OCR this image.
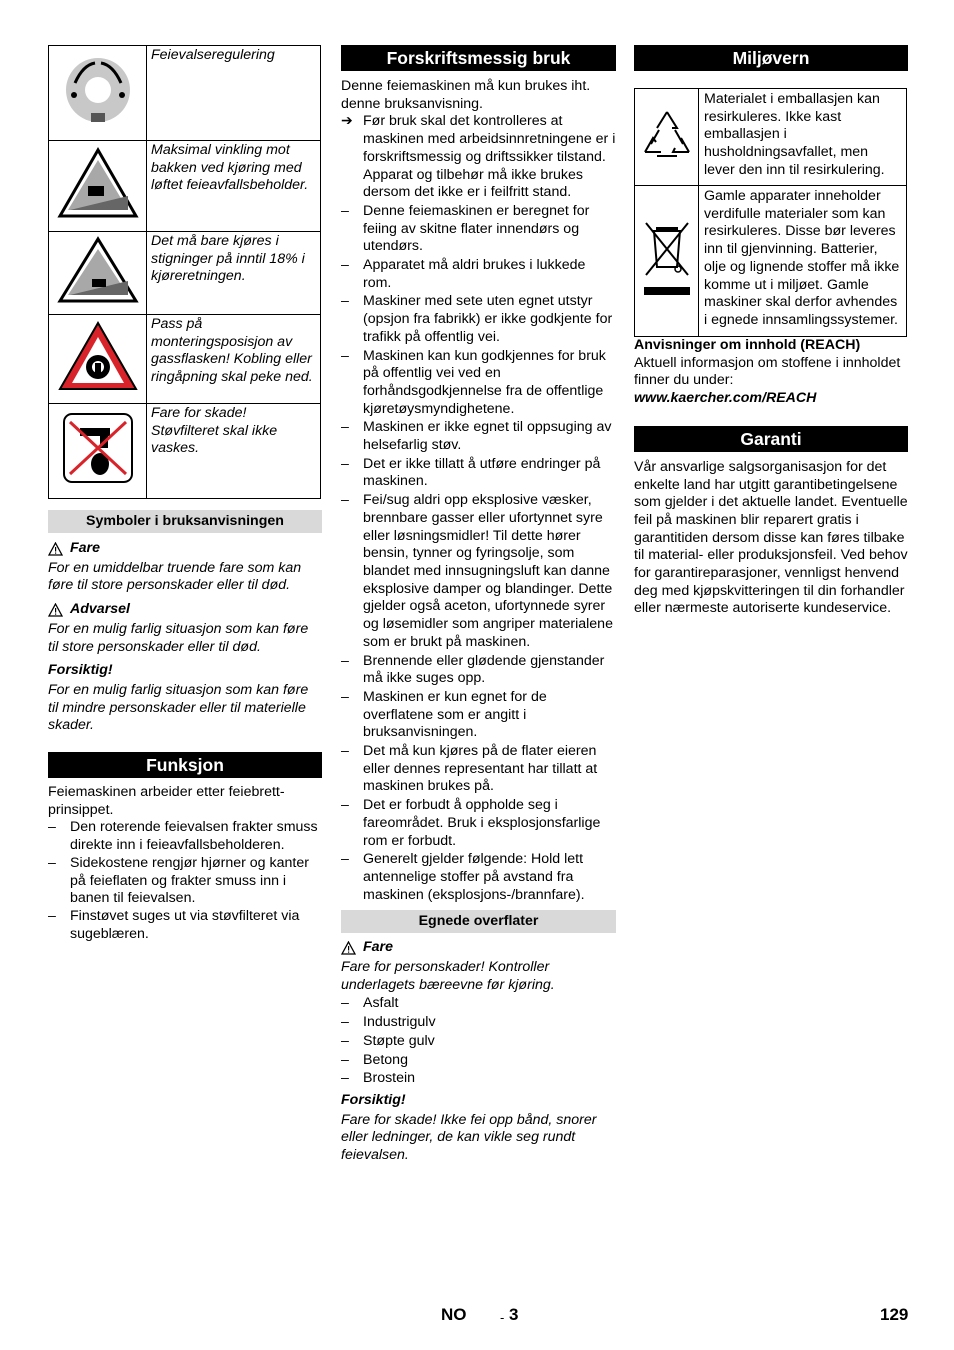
	Feievalseregulering
	Maksimal vinkling mot bakken ved kjøring med løftet feieavfallsbeholder.
	Det må bare kjøres i stigninger på inntil 18% i kjøreretningen.
	Pass på monteringsposisjon av gassflasken! Kobling eller ringåpning skal peke ned.
	Fare for skade! Støvfilteret skal ikke vaskes.
Symboler i bruksanvisningen
Fare

For en umiddelbar truende fare som kan føre til store personskader eller til død.

Advarsel

For en mulig farlig situasjon som kan føre til store personskader eller til død.

Forsiktig!

For en mulig farlig situasjon som kan føre til mindre personskader eller til materielle skader.

Funksjon

Feiemaskinen arbeider etter feiebrett-prinsippet.

– Den roterende feievalsen frakter smuss direkte inn i feieavfallsbeholderen.
– Sidekostene rengjør hjørner og kanter på feieflaten og frakter smuss inn i banen til feievalsen.
– Finstøvet suges ut via støvfilteret via sugeblæren.
Forskriftsmessig bruk

Denne feiemaskinen må kun brukes iht. denne bruksanvisning.

➔ Før bruk skal det kontrolleres at maskinen med arbeidsinnretningene er i forskriftsmessig og driftssikker tilstand. Apparat og tilbehør må ikke brukes dersom det ikke er i feilfritt stand.
– Denne feiemaskinen er beregnet for feiing av skitne flater innendørs og utendørs.
– Apparatet må aldri brukes i lukkede rom.
– Maskiner med sete uten egnet utstyr (opsjon fra fabrikk) er ikke godkjente for trafikk på offentlig vei.
– Maskinen kan kun godkjennes for bruk på offentlig vei ved en forhåndsgodkjennelse fra de offentlige kjøretøysmyndighetene.
– Maskinen er ikke egnet til oppsuging av helsefarlig støv.
– Det er ikke tillatt å utføre endringer på maskinen.
– Fei/sug aldri opp eksplosive væsker, brennbare gasser eller ufortynnet syre eller løsningsmidler! Til dette hører bensin, tynner og fyringsolje, som blandet med innsugningsluft kan danne eksplosive damper og blandinger. Dette gjelder også aceton, ufortynnede syrer og løsemidler som angriper materialene som er brukt på maskinen.
– Brennende eller glødende gjenstander må ikke suges opp.
– Maskinen er kun egnet for de overflatene som er angitt i bruksanvisningen.
– Det må kun kjøres på de flater eieren eller dennes representant har tillatt at maskinen brukes på.
– Det er forbudt å oppholde seg i fareområdet. Bruk i eksplosjonsfarlige rom er forbudt.
– Generelt gjelder følgende: Hold lett antennelige stoffer på avstand fra maskinen (eksplosjons-/brannfare).
Egnede overflater
Fare

Fare for personskader! Kontroller underlagets bæreevne før kjøring.

– Asfalt
– Industrigulv
– Støpte gulv
– Betong
– Brostein

Forsiktig!

Fare for skade! Ikke fei opp bånd, snorer eller ledninger, de kan vikle seg rundt feievalsen.

Miljøvern
	Materialet i emballasjen kan resirkuleres. Ikke kast emballasjen i husholdningsavfallet, men lever den inn til resirkulering.
	Gamle apparater inneholder verdifulle materialer som kan resirkuleres. Disse bør leveres inn til gjenvinning. Batterier, olje og lignende stoffer må ikke komme ut i miljøet. Gamle maskiner skal derfor avhendes i egnede innsamlingssystemer.

Anvisninger om innhold (REACH)

Aktuell informasjon om stoffene i innholdet finner du under:

www.kaercher.com/REACH

Garanti

Vår ansvarlige salgsorganisasjon for det enkelte land har utgitt garantibetingelsene som gjelder i det aktuelle landet. Eventuelle feil på maskinen blir reparert gratis i garantitiden dersom disse kan føres tilbake til material- eller produksjonsfeil. Ved behov for garantireparasjoner, vennligst henvend deg med kjøpskvitteringen til din forhandler eller nærmeste autoriserte kundeservice.

NO	- 3	129
